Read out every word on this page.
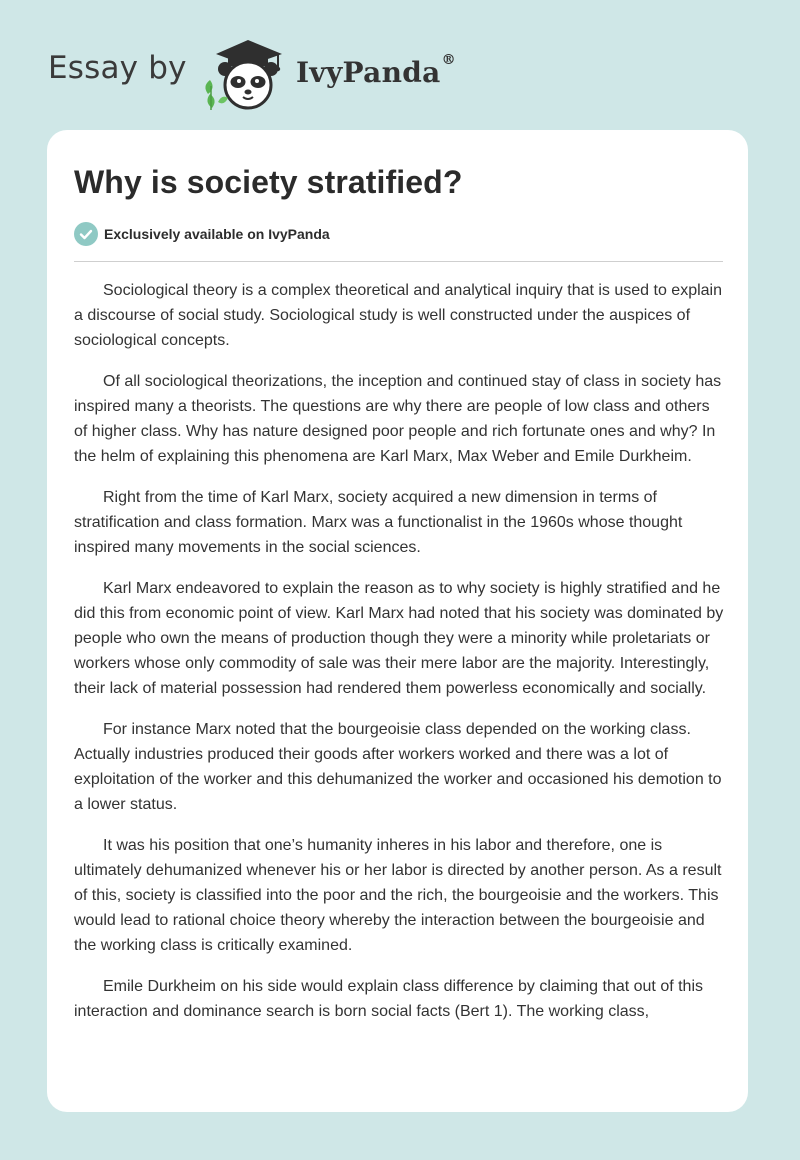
Essay by	IvyPanda®
Why is society stratified?
Exclusively available on IvyPanda

Sociological theory is a complex theoretical and analytical inquiry that is used to explain a discourse of social study. Sociological study is well constructed under the auspices of sociological concepts.

Of all sociological theorizations, the inception and continued stay of class in society has inspired many a theorists. The questions are why there are people of low class and others of higher class. Why has nature designed poor people and rich fortunate ones and why? In the helm of explaining this phenomena are Karl Marx, Max Weber and Emile Durkheim.

Right from the time of Karl Marx, society acquired a new dimension in terms of stratification and class formation. Marx was a functionalist in the 1960s whose thought inspired many movements in the social sciences.

Karl Marx endeavored to explain the reason as to why society is highly stratified and he did this from economic point of view. Karl Marx had noted that his society was dominated by people who own the means of production though they were a minority while proletariats or workers whose only commodity of sale was their mere labor are the majority. Interestingly, their lack of material possession had rendered them powerless economically and socially.

For instance Marx noted that the bourgeoisie class depended on the working class. Actually industries produced their goods after workers worked and there was a lot of exploitation of the worker and this dehumanized the worker and occasioned his demotion to a lower status.

It was his position that one’s humanity inheres in his labor and therefore, one is ultimately dehumanized whenever his or her labor is directed by another person. As a result of this, society is classified into the poor and the rich, the bourgeoisie and the workers. This would lead to rational choice theory whereby the interaction between the bourgeoisie and the working class is critically examined.

Emile Durkheim on his side would explain class difference by claiming that out of this interaction and dominance search is born social facts (Bert 1). The working class,
